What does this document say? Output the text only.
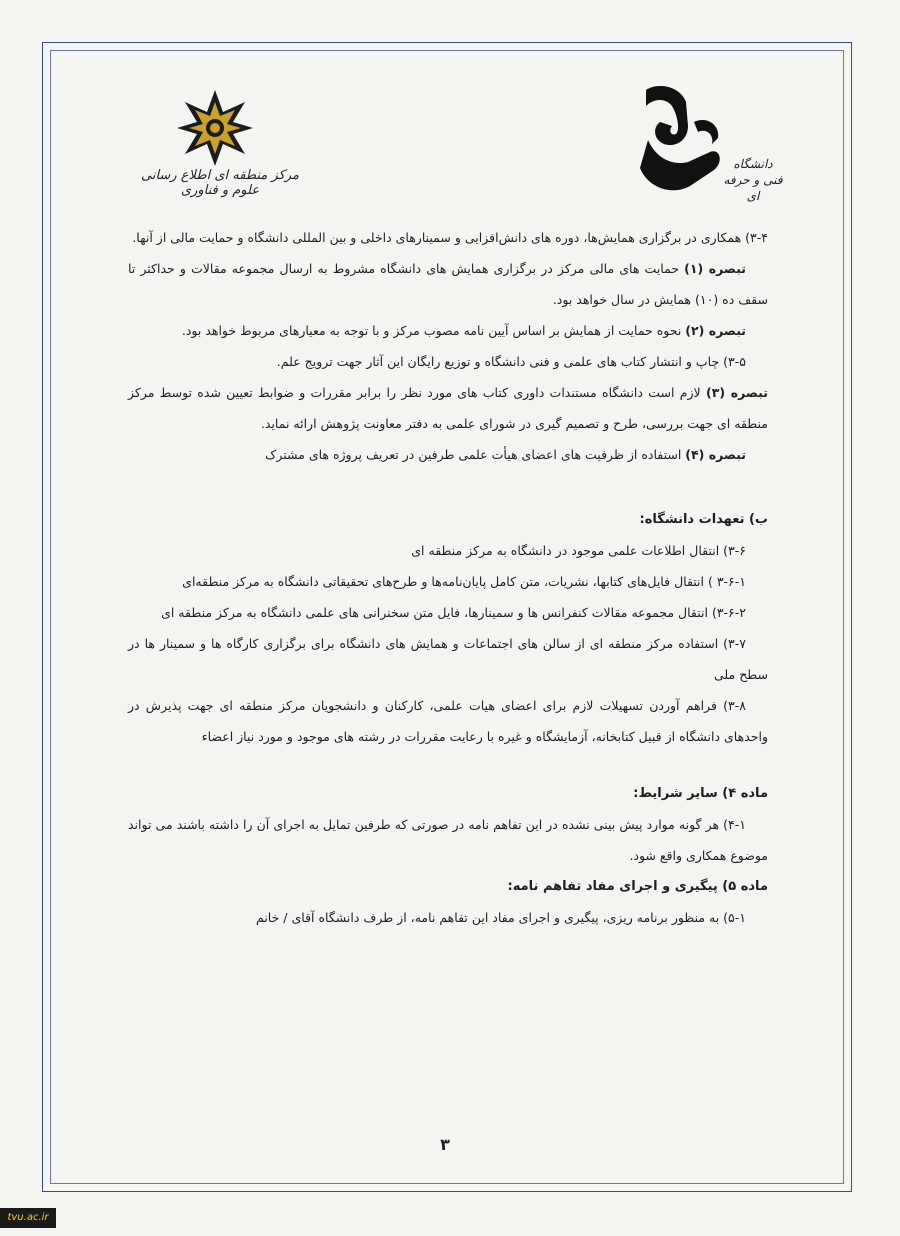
مرکز منطقه ای اطلاع رسانی علوم و فناوری
دانشگاه
فنی و حرفه ای

۳-۴) همکاری در برگزاری همایش‌ها، دوره‌ های دانش‌افزایی و سمینارهای داخلی و بین المللی دانشگاه و حمایت مالی از آنها.

تبصره (۱) حمایت های مالی مرکز در برگزاری همایش های دانشگاه مشروط به ارسال مجموعه مقالات و حداکثر تا سقف ده (۱۰) همایش در سال خواهد بود.

تبصره (۲) نحوه حمایت از همایش بر اساس آیین نامه مصوب مرکز و با توجه به معیارهای مربوط خواهد بود.

۳-۵) چاپ و انتشار کتاب های علمی و فنی دانشگاه و توزیع رایگان این آثار جهت ترویج علم.

تبصره (۳) لازم است دانشگاه مستندات داوری کتاب های مورد نظر را برابر مقررات و ضوابط تعیین شده توسط مرکز منطقه ای جهت بررسی، طرح و تصمیم گیری در شورای علمی به دفتر معاونت پژوهش ارائه نماید.

تبصره (۴) استفاده از ظرفیت های اعضای هیأت علمی طرفین در تعریف پروژه های مشترک

ب) تعهدات دانشگاه:

۳-۶) انتقال اطلاعات علمی موجود در دانشگاه به مرکز منطقه ای

۳-۶-۱ ) انتقال فایل‌های کتابها، نشریات، متن کامل پایان‌نامه‌ها و طرح‌های تحقیقاتی دانشگاه به مرکز منطقه‌ای

۳-۶-۲) انتقال مجموعه مقالات کنفرانس ها و سمینارها، فایل متن سخنرانی های علمی دانشگاه به مرکز منطقه ای

۳-۷) استفاده مرکز منطقه ای از سالن های اجتماعات و همایش های دانشگاه برای برگزاری کارگاه ها و سمینار ها در سطح ملی

۳-۸) فراهم آوردن تسهیلات لازم برای اعضای هیات علمی، کارکنان و دانشجویان مرکز منطقه ای جهت پذیرش در واحدهای دانشگاه از قبیل کتابخانه، آزمایشگاه و غیره با رعایت مقررات در رشته های موجود و مورد نیاز اعضاء

ماده ۴) سایر شرایط:

۴-۱) هر گونه موارد پیش بینی نشده در این تفاهم نامه در صورتی که طرفین تمایل به اجرای آن را داشته باشند می تواند موضوع همکاری واقع شود.

ماده ۵) پیگیری و اجرای مفاد تفاهم نامه:

۵-۱) به منظور برنامه ریزی، پیگیری و اجرای مفاد این تفاهم نامه، از طرف دانشگاه آقای / خانم

۳
tvu.ac.ir
